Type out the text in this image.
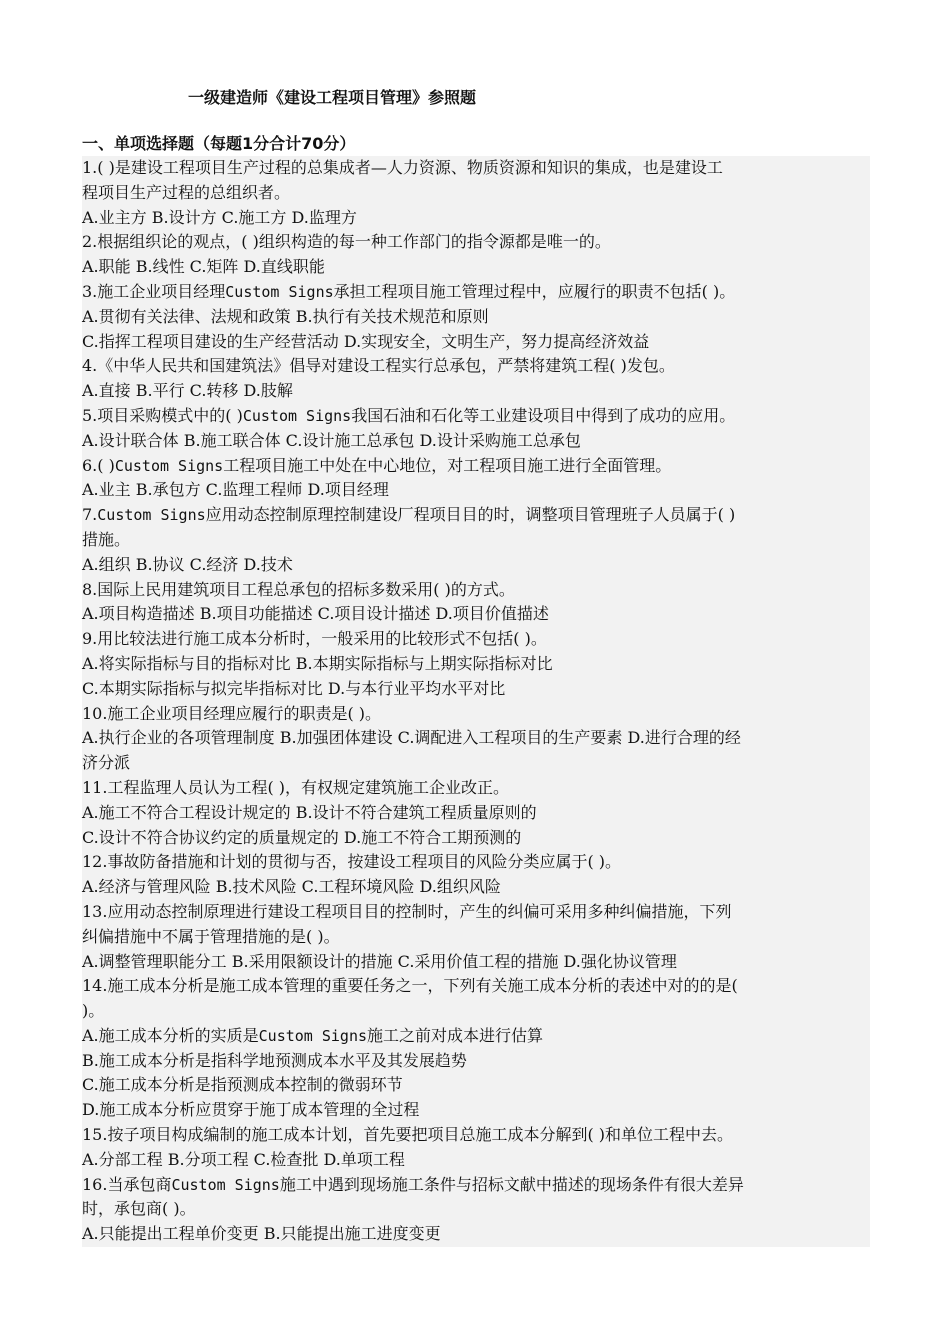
一级建造师《建设工程项目管理》参照题
一、单项选择题（每题1分合计70分）
1.( )是建设工程项目生产过程的总集成者—人力资源、物质资源和知识的集成，也是建设工
程项目生产过程的总组织者。
A.业主方 B.设计方 C.施工方 D.监理方
2.根据组织论的观点，( )组织构造的每一种工作部门的指令源都是唯一的。
A.职能 B.线性 C.矩阵 D.直线职能
3.施工企业项目经理Custom Signs承担工程项目施工管理过程中，应履行的职责不包括( )。
A.贯彻有关法律、法规和政策 B.执行有关技术规范和原则
C.指挥工程项目建设的生产经营活动 D.实现安全，文明生产，努力提高经济效益
4.《中华人民共和国建筑法》倡导对建设工程实行总承包，严禁将建筑工程( )发包。
A.直接 B.平行 C.转移 D.肢解
5.项目采购模式中的( )Custom Signs我国石油和石化等工业建设项目中得到了成功的应用。
A.设计联合体 B.施工联合体 C.设计施工总承包 D.设计采购施工总承包
6.( )Custom Signs工程项目施工中处在中心地位，对工程项目施工进行全面管理。
A.业主 B.承包方 C.监理工程师 D.项目经理
7.Custom Signs应用动态控制原理控制建设厂程项目目的时，调整项目管理班子人员属于( )
措施。
A.组织 B.协议 C.经济 D.技术
8.国际上民用建筑项目工程总承包的招标多数采用( )的方式。
A.项目构造描述 B.项目功能描述 C.项目设计描述 D.项目价值描述
9.用比较法进行施工成本分析时，一般采用的比较形式不包括( )。
A.将实际指标与目的指标对比 B.本期实际指标与上期实际指标对比
C.本期实际指标与拟完毕指标对比 D.与本行业平均水平对比
10.施工企业项目经理应履行的职责是( )。
A.执行企业的各项管理制度 B.加强团体建设 C.调配进入工程项目的生产要素 D.进行合理的经
济分派
11.工程监理人员认为工程( )，有权规定建筑施工企业改正。
A.施工不符合工程设计规定的 B.设计不符合建筑工程质量原则的
C.设计不符合协议约定的质量规定的 D.施工不符合工期预测的
12.事故防备措施和计划的贯彻与否，按建设工程项目的风险分类应属于( )。
A.经济与管理风险 B.技术风险 C.工程环境风险 D.组织风险
13.应用动态控制原理进行建设工程项目目的控制时，产生的纠偏可采用多种纠偏措施，下列
纠偏措施中不属于管理措施的是( )。
A.调整管理职能分工 B.采用限额设计的措施 C.采用价值工程的措施 D.强化协议管理
14.施工成本分析是施工成本管理的重要任务之一，下列有关施工成本分析的表述中对的的是(
)。
A.施工成本分析的实质是Custom Signs施工之前对成本进行估算
B.施工成本分析是指科学地预测成本水平及其发展趋势
C.施工成本分析是指预测成本控制的微弱环节
D.施工成本分析应贯穿于施丁成本管理的全过程
15.按子项目构成编制的施工成本计划，首先要把项目总施工成本分解到( )和单位工程中去。
A.分部工程 B.分项工程 C.检查批 D.单项工程
16.当承包商Custom Signs施工中遇到现场施工条件与招标文献中描述的现场条件有很大差异
时，承包商( )。
A.只能提出工程单价变更 B.只能提出施工进度变更
